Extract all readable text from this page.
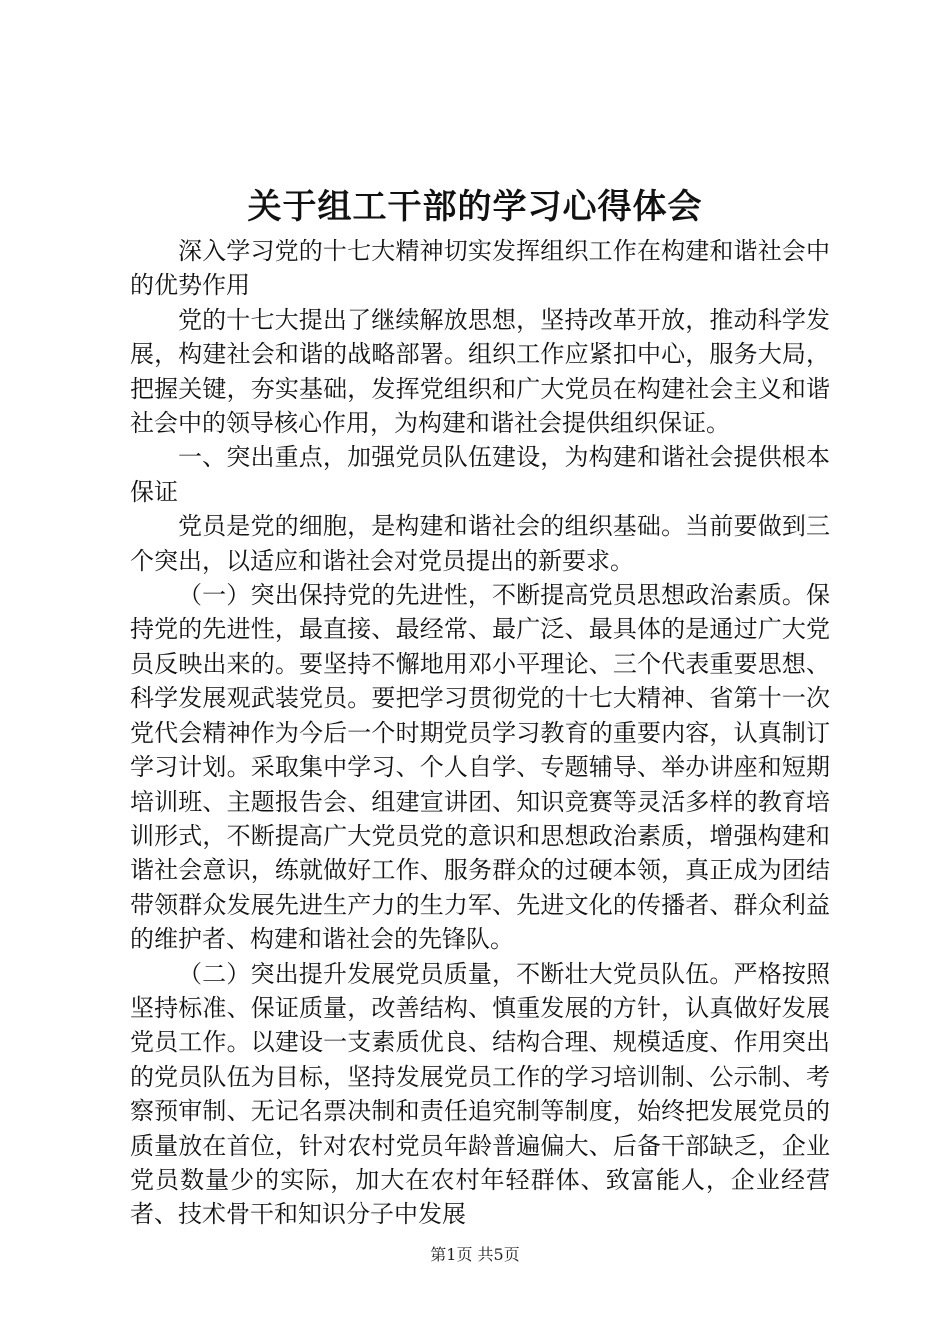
关于组工干部的学习心得体会

深入学习党的十七大精神切实发挥组织工作在构建和谐社会中的优势作用

党的十七大提出了继续解放思想，坚持改革开放，推动科学发展，构建社会和谐的战略部署。组织工作应紧扣中心，服务大局，把握关键，夯实基础，发挥党组织和广大党员在构建社会主义和谐社会中的领导核心作用，为构建和谐社会提供组织保证。

一、突出重点，加强党员队伍建设，为构建和谐社会提供根本保证

党员是党的细胞，是构建和谐社会的组织基础。当前要做到三个突出，以适应和谐社会对党员提出的新要求。

（一）突出保持党的先进性，不断提高党员思想政治素质。保持党的先进性，最直接、最经常、最广泛、最具体的是通过广大党员反映出来的。要坚持不懈地用邓小平理论、三个代表重要思想、科学发展观武装党员。要把学习贯彻党的十七大精神、省第十一次党代会精神作为今后一个时期党员学习教育的重要内容，认真制订学习计划。采取集中学习、个人自学、专题辅导、举办讲座和短期培训班、主题报告会、组建宣讲团、知识竞赛等灵活多样的教育培训形式，不断提高广大党员党的意识和思想政治素质，增强构建和谐社会意识，练就做好工作、服务群众的过硬本领，真正成为团结带领群众发展先进生产力的生力军、先进文化的传播者、群众利益的维护者、构建和谐社会的先锋队。

（二）突出提升发展党员质量，不断壮大党员队伍。严格按照坚持标准、保证质量，改善结构、慎重发展的方针，认真做好发展党员工作。以建设一支素质优良、结构合理、规模适度、作用突出的党员队伍为目标，坚持发展党员工作的学习培训制、公示制、考察预审制、无记名票决制和责任追究制等制度，始终把发展党员的质量放在首位，针对农村党员年龄普遍偏大、后备干部缺乏，企业党员数量少的实际，加大在农村年轻群体、致富能人，企业经营者、技术骨干和知识分子中发展

第1页 共5页
